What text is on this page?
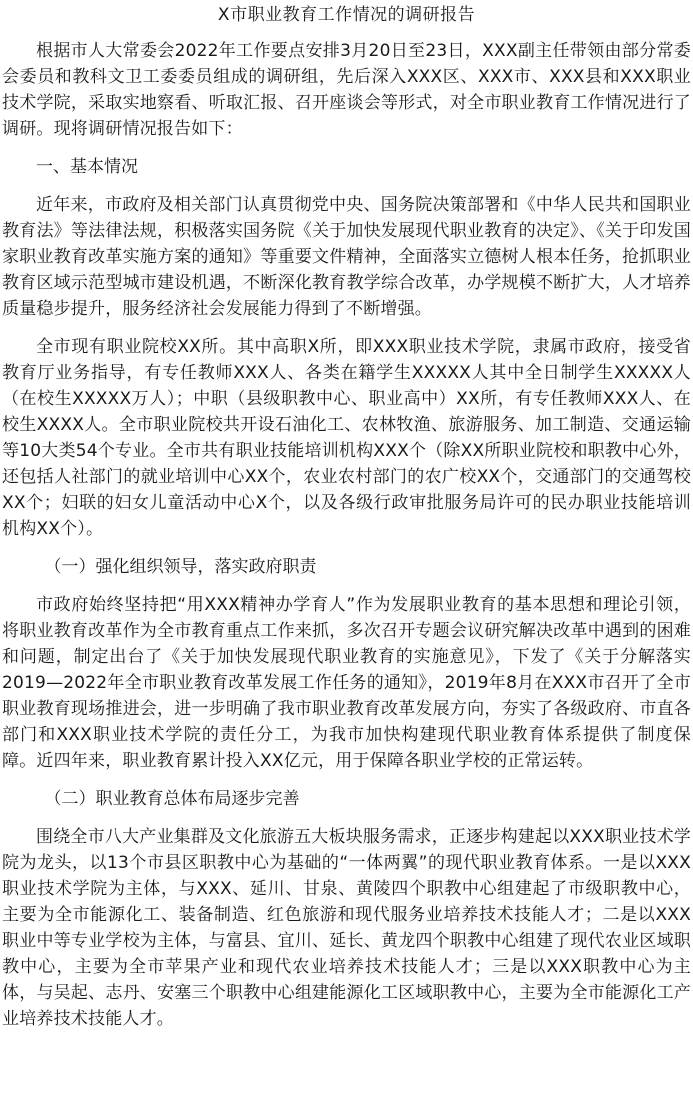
X市职业教育工作情况的调研报告

根据市人大常委会2022年工作要点安排3月20日至23日，XXX副主任带领由部分常委会委员和教科文卫工委委员组成的调研组，先后深入XXX区、XXX市、XXX县和XXX职业技术学院，采取实地察看、听取汇报、召开座谈会等形式，对全市职业教育工作情况进行了调研。现将调研情况报告如下：

一、基本情况

近年来，市政府及相关部门认真贯彻党中央、国务院决策部署和《中华人民共和国职业教育法》等法律法规，积极落实国务院《关于加快发展现代职业教育的决定》、《关于印发国家职业教育改革实施方案的通知》等重要文件精神，全面落实立德树人根本任务，抢抓职业教育区域示范型城市建设机遇，不断深化教育教学综合改革，办学规模不断扩大，人才培养质量稳步提升，服务经济社会发展能力得到了不断增强。

全市现有职业院校XX所。其中高职X所，即XXX职业技术学院，隶属市政府，接受省教育厅业务指导，有专任教师XXX人、各类在籍学生XXXXX人其中全日制学生XXXXX人（在校生XXXXX万人）；中职（县级职教中心、职业高中）XX所，有专任教师XXX人、在校生XXXX人。全市职业院校共开设石油化工、农林牧渔、旅游服务、加工制造、交通运输等10大类54个专业。全市共有职业技能培训机构XXX个（除XX所职业院校和职教中心外，还包括人社部门的就业培训中心XX个，农业农村部门的农广校XX个，交通部门的交通驾校XX个；妇联的妇女儿童活动中心X个，以及各级行政审批服务局许可的民办职业技能培训机构XX个）。

（一）强化组织领导，落实政府职责

市政府始终坚持把“用XXX精神办学育人”作为发展职业教育的基本思想和理论引领，将职业教育改革作为全市教育重点工作来抓，多次召开专题会议研究解决改革中遇到的困难和问题，制定出台了《关于加快发展现代职业教育的实施意见》，下发了《关于分解落实2019—2022年全市职业教育改革发展工作任务的通知》，2019年8月在XXX市召开了全市职业教育现场推进会，进一步明确了我市职业教育改革发展方向，夯实了各级政府、市直各部门和XXX职业技术学院的责任分工，为我市加快构建现代职业教育体系提供了制度保障。近四年来，职业教育累计投入XX亿元，用于保障各职业学校的正常运转。

（二）职业教育总体布局逐步完善

围绕全市八大产业集群及文化旅游五大板块服务需求，正逐步构建起以XXX职业技术学院为龙头，以13个市县区职教中心为基础的“一体两翼”的现代职业教育体系。一是以XXX职业技术学院为主体，与XXX、延川、甘泉、黄陵四个职教中心组建起了市级职教中心，主要为全市能源化工、装备制造、红色旅游和现代服务业培养技术技能人才；二是以XXX职业中等专业学校为主体，与富县、宜川、延长、黄龙四个职教中心组建了现代农业区域职教中心，主要为全市苹果产业和现代农业培养技术技能人才；三是以XXX职教中心为主体，与吴起、志丹、安塞三个职教中心组建能源化工区域职教中心，主要为全市能源化工产业培养技术技能人才。
